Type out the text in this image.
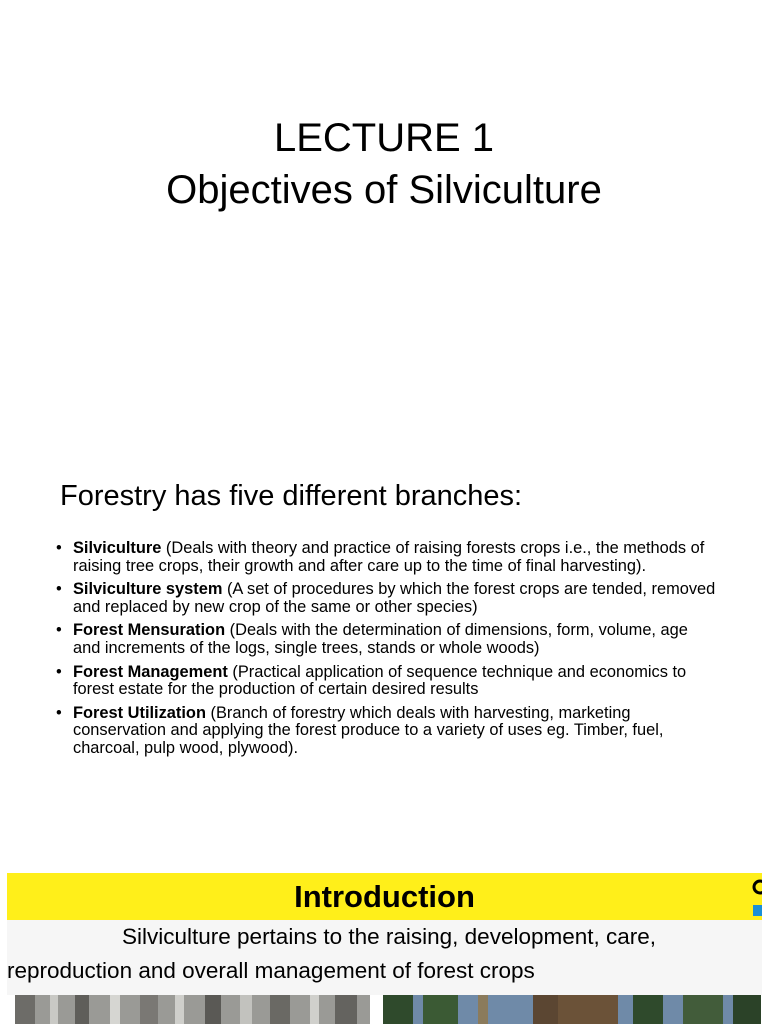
LECTURE 1
Objectives of Silviculture
Forestry has five different branches:
• Silviculture (Deals with theory and practice of raising forests crops i.e., the methods of raising tree crops, their growth and after care up to the time of final harvesting).
• Silviculture system (A set of procedures by which the forest crops are tended, removed and replaced by new crop of the same or other species)
• Forest Mensuration (Deals with the determination of dimensions, form, volume, age and increments of the logs, single trees, stands or whole woods)
• Forest Management (Practical application of sequence technique and economics to forest estate for the production of certain desired results
• Forest Utilization (Branch of forestry which deals with harvesting, marketing conservation and applying the forest produce to a variety of uses eg. Timber, fuel, charcoal, pulp wood, plywood).
Introduction
Silviculture pertains to the raising, development, care,
reproduction and overall management of forest crops
